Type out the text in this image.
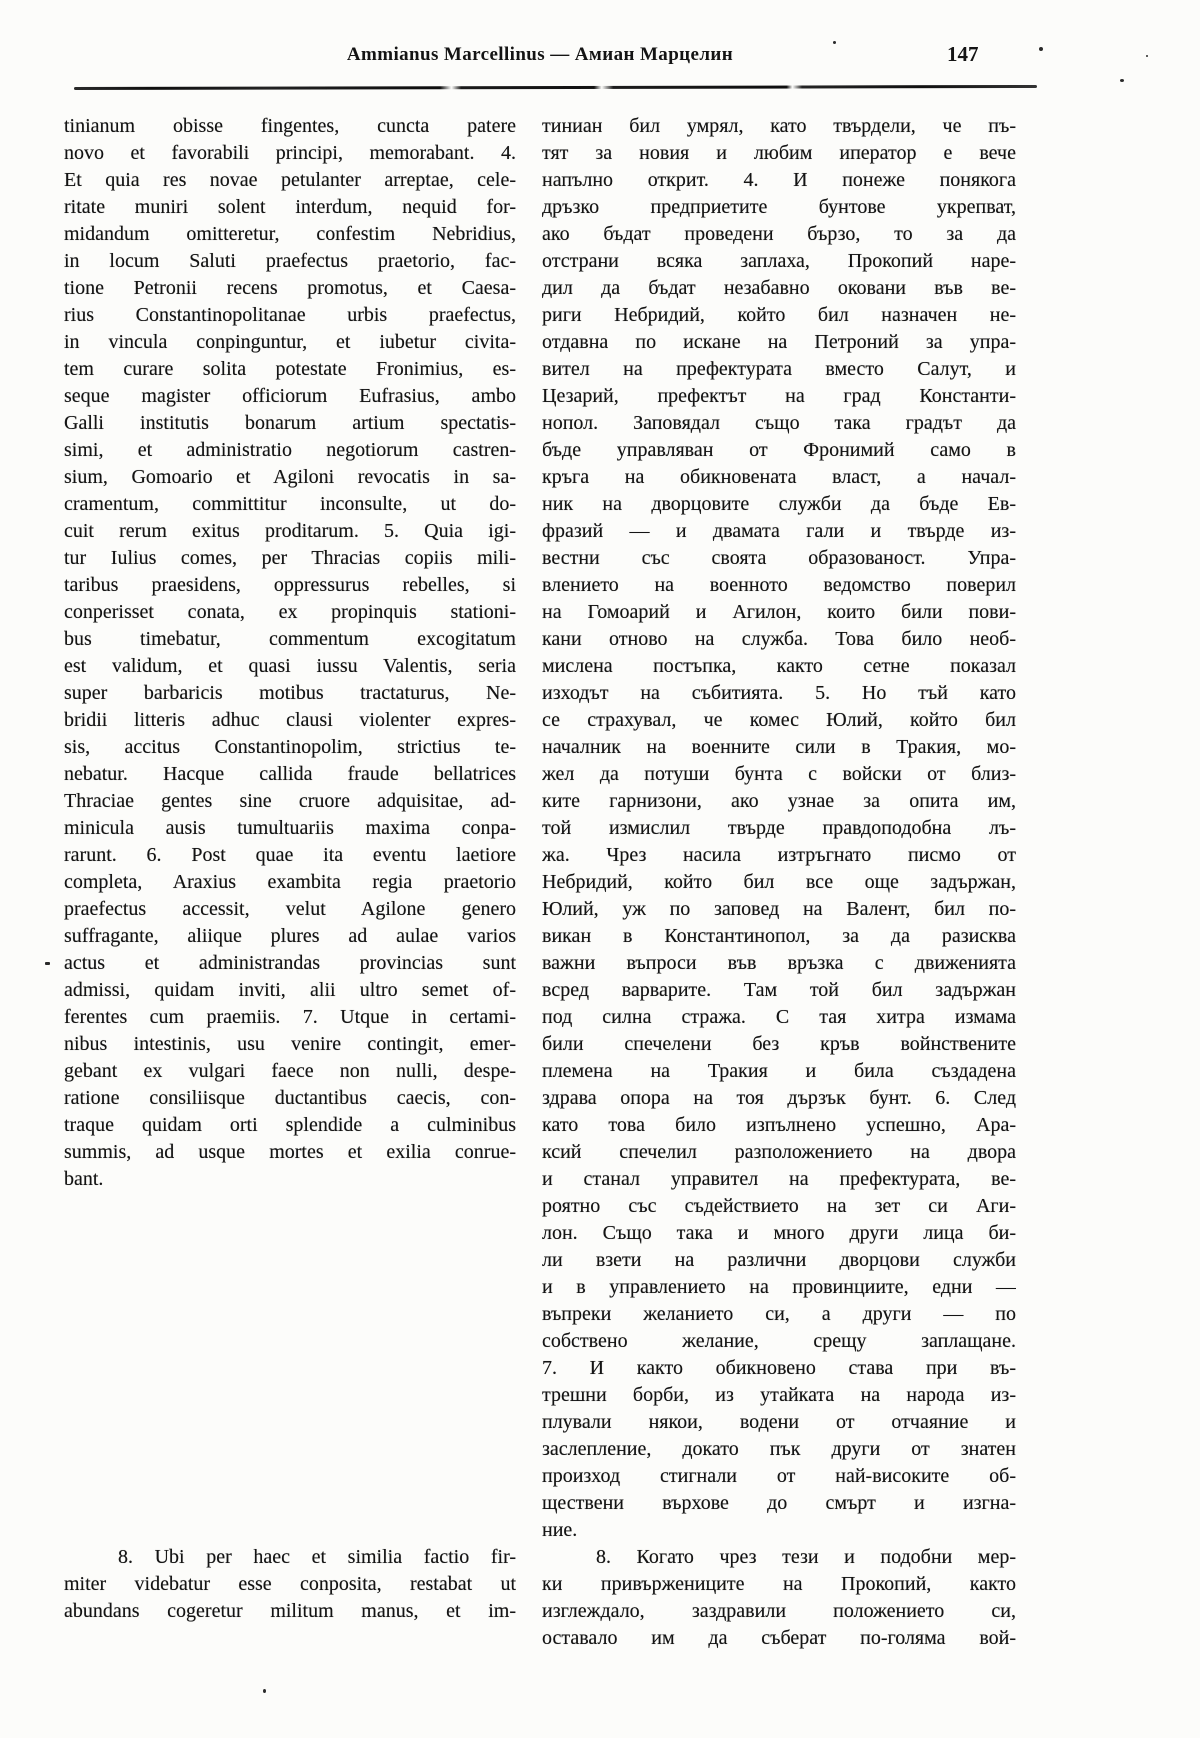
Ammianus Marcellinus — Амиан Марцелин	147
tinianum obisse fingentes, cuncta patere
novo et favorabili principi, memorabant. 4.
Et quia res novae petulanter arreptae, cele-
ritate muniri solent interdum, nequid for-
midandum omitteretur, confestim Nebridius,
in locum Saluti praefectus praetorio, fac-
tione Petronii recens promotus, et Caesa-
rius Constantinopolitanae urbis praefectus,
in vincula conpinguntur, et iubetur civita-
tem curare solita potestate Fronimius, es-
seque magister officiorum Eufrasius, ambo
Galli institutis bonarum artium spectatis-
simi, et administratio negotiorum castren-
sium, Gomoario et Agiloni revocatis in sa-
cramentum, committitur inconsulte, ut do-
cuit rerum exitus proditarum. 5. Quia igi-
tur Iulius comes, per Thracias copiis mili-
taribus praesidens, oppressurus rebelles, si
conperisset conata, ex propinquis stationi-
bus timebatur, commentum excogitatum
est validum, et quasi iussu Valentis, seria
super barbaricis motibus tractaturus, Ne-
bridii litteris adhuc clausi violenter expres-
sis, accitus Constantinopolim, strictius te-
nebatur. Hacque callida fraude bellatrices
Thraciae gentes sine cruore adquisitae, ad-
minicula ausis tumultuariis maxima conpa-
rarunt. 6. Post quae ita eventu laetiore
completa, Araxius exambita regia praetorio
praefectus accessit, velut Agilone genero
suffragante, aliique plures ad aulae varios
actus et administrandas provincias sunt
admissi, quidam inviti, alii ultro semet of-
ferentes cum praemiis. 7. Utque in certami-
nibus intestinis, usu venire contingit, emer-
gebant ex vulgari faece non nulli, despe-
ratione consiliisque ductantibus caecis, con-
traque quidam orti splendide a culminibus
summis, ad usque mortes et exilia conrue-
bant.
8. Ubi per haec et similia factio fir-
miter videbatur esse conposita, restabat ut
abundans cogeretur militum manus, et im-
тиниан бил умрял, като твърдели, че пъ-
тят за новия и любим иператор е вече
напълно открит. 4. И понеже понякога
дръзко предприетите бунтове укрепват,
ако бъдат проведени бързо, то за да
отстрани всяка заплаха, Прокопий наре-
дил да бъдат незабавно оковани във ве-
риги Небридий, който бил назначен не-
отдавна по искане на Петроний за упра-
вител на префектурата вместо Салут, и
Цезарий, префектът на град Константи-
нопол. Заповядал също така градът да
бъде управляван от Фронимий само в
кръга на обикновената власт, а начал-
ник на дворцовите служби да бъде Ев-
фразий — и двамата гали и твърде из-
вестни със своята образованост. Упра-
влението на военното ведомство поверил
на Гомоарий и Агилон, които били пови-
кани отново на служба. Това било необ-
мислена постъпка, както сетне показал
изходът на събитията. 5. Но тъй като
се страхувал, че комес Юлий, който бил
началник на военните сили в Тракия, мо-
жел да потуши бунта с войски от близ-
ките гарнизони, ако узнае за опита им,
той измислил твърде правдоподобна лъ-
жа. Чрез насила изтръгнато писмо от
Небридий, който бил все още задържан,
Юлий, уж по заповед на Валент, бил по-
викан в Константинопол, за да разисква
важни въпроси във връзка с движенията
всред варварите. Там той бил задържан
под силна стража. С тая хитра измама
били спечелени без кръв войнствените
племена на Тракия и била създадена
здрава опора на тоя дързък бунт. 6. След
като това било изпълнено успешно, Ара-
ксий спечелил разположението на двора
и станал управител на префектурата, ве-
роятно със съдействието на зет си Аги-
лон. Също така и много други лица би-
ли взети на различни дворцови служби
и в управлението на провинциите, едни —
въпреки желанието си, а други — по
собствено желание, срещу заплащане.
7. И както обикновено става при въ-
трешни борби, из утайката на народа из-
плували някои, водени от отчаяние и
заслепление, докато пък други от знатен
произход стигнали от най-високите об-
ществени върхове до смърт и изгна-
ние.
8. Когато чрез тези и подобни мер-
ки привържениците на Прокопий, както
изглеждало, заздравили положението си,
оставало им да съберат по-голяма вой-
